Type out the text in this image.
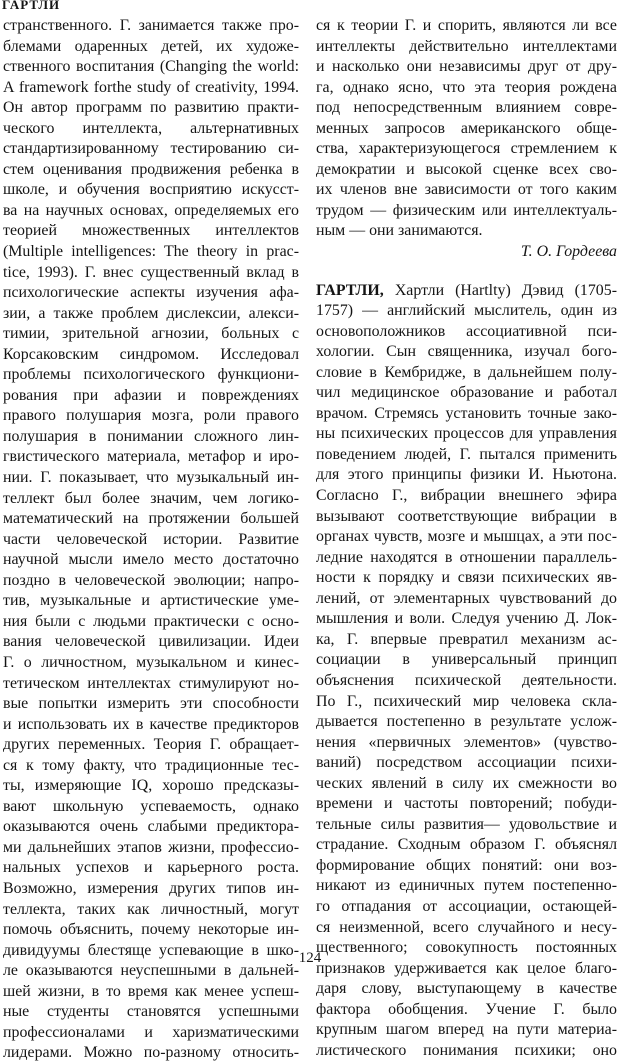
ГАРТЛИ
странственного. Г. занимается также про-
блемами одаренных детей, их художе-
ственного воспитания (Changing the world:
A framework forthe study of creativity, 1994.
Он автор программ по развитию практи-
ческого интеллекта, альтернативных
стандартизированному тестированию си-
стем оценивания продвижения ребенка в
школе, и обучения восприятию искусст-
ва на научных основах, определяемых его
теорией множественных интеллектов
(Multiple intelligences: The theory in prac-
tice, 1993). Г. внес существенный вклад в
психологические аспекты изучения афа-
зии, а также проблем дислексии, алекси-
тимии, зрительной агнозии, больных с
Корсаковским синдромом. Исследовал
проблемы психологического функциони-
рования при афазии и повреждениях
правого полушария мозга, роли правого
полушария в понимании сложного лин-
гвистического материала, метафор и иро-
нии. Г. показывает, что музыкальный ин-
теллект был более значим, чем логико-
математический на протяжении большей
части человеческой истории. Развитие
научной мысли имело место достаточно
поздно в человеческой эволюции; напро-
тив, музыкальные и артистические уме-
ния были с людьми практически с осно-
вания человеческой цивилизации. Идеи
Г. о личностном, музыкальном и кинес-
тетическом интеллектах стимулируют но-
вые попытки измерить эти способности
и использовать их в качестве предикторов
других переменных. Теория Г. обращает-
ся к тому факту, что традиционные тес-
ты, измеряющие IQ, хорошо предсказы-
вают школьную успеваемость, однако
оказываются очень слабыми предиктора-
ми дальнейших этапов жизни, профессио-
нальных успехов и карьерного роста.
Возможно, измерения других типов ин-
теллекта, таких как личностный, могут
помочь объяснить, почему некоторые ин-
дивидуумы блестяще успевающие в шко-
ле оказываются неуспешными в дальней-
шей жизни, в то время как менее успеш-
ные студенты становятся успешными
профессионалами и харизматическими
лидерами. Можно по-разному относить-
ся к теории Г. и спорить, являются ли все
интеллекты действительно интеллектами
и насколько они независимы друг от дру-
га, однако ясно, что эта теория рождена
под непосредственным влиянием совре-
менных запросов американского обще-
ства, характеризующегося стремлением к
демократии и высокой сценке всех сво-
их членов вне зависимости от того каким
трудом — физическим или интеллектуаль-
ным — они занимаются.
Т. О. Гордеева
ГАРТЛИ, Хартли (Hartlty) Дэвид (1705-
1757) — английский мыслитель, один из
основоположников ассоциативной пси-
хологии. Сын священника, изучал бого-
словие в Кембридже, в дальнейшем полу-
чил медицинское образование и работал
врачом. Стремясь установить точные зако-
ны психических процессов для управления
поведением людей, Г. пытался применить
для этого принципы физики И. Ньютона.
Согласно Г., вибрации внешнего эфира
вызывают соответствующие вибрации в
органах чувств, мозге и мышцах, а эти пос-
ледние находятся в отношении параллель-
ности к порядку и связи психических яв-
лений, от элементарных чувствований до
мышления и воли. Следуя учению Д. Лок-
ка, Г. впервые превратил механизм ас-
социации в универсальный принцип
объяснения психической деятельности.
По Г., психический мир человека скла-
дывается постепенно в результате услож-
нения «первичных элементов» (чувство-
ваний) посредством ассоциации психи-
ческих явлений в силу их смежности во
времени и частоты повторений; побуди-
тельные силы развития— удовольствие и
страдание. Сходным образом Г. объяснял
формирование общих понятий: они воз-
никают из единичных путем постепенно-
го отпадания от ассоциации, остающей-
ся неизменной, всего случайного и несу-
щественного; совокупность постоянных
признаков удерживается как целое благо-
даря слову, выступающему в качестве
фактора обобщения. Учение Г. было
крупным шагом вперед на пути материа-
листического понимания психики; оно
124
